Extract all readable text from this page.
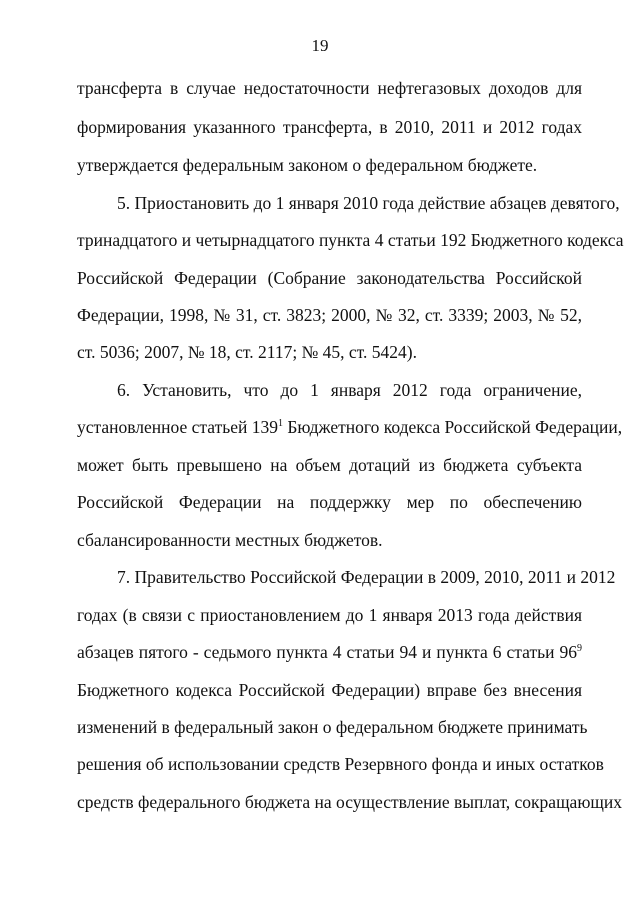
19
трансферта в случае недостаточности нефтегазовых доходов для
формирования указанного трансферта, в 2010, 2011 и 2012 годах
утверждается федеральным законом о федеральном бюджете.
5. Приостановить до 1 января 2010 года действие абзацев девятого,
тринадцатого и четырнадцатого пункта 4 статьи 192 Бюджетного кодекса
Российской Федерации (Собрание законодательства Российской
Федерации, 1998, № 31, ст. 3823; 2000, № 32, ст. 3339; 2003, № 52,
ст. 5036; 2007, № 18, ст. 2117; № 45, ст. 5424).
6. Установить, что до 1 января 2012 года ограничение,
установленное статьей $139^1$ Бюджетного кодекса Российской Федерации,
может быть превышено на объем дотаций из бюджета субъекта
Российской Федерации на поддержку мер по обеспечению
сбалансированности местных бюджетов.
7. Правительство Российской Федерации в 2009, 2010, 2011 и 2012
годах (в связи с приостановлением до 1 января 2013 года действия
абзацев пятого - седьмого пункта 4 статьи 94 и пункта 6 статьи $96^9$
Бюджетного кодекса Российской Федерации) вправе без внесения
изменений в федеральный закон о федеральном бюджете принимать
решения об использовании средств Резервного фонда и иных остатков
средств федерального бюджета на осуществление выплат, сокращающих
